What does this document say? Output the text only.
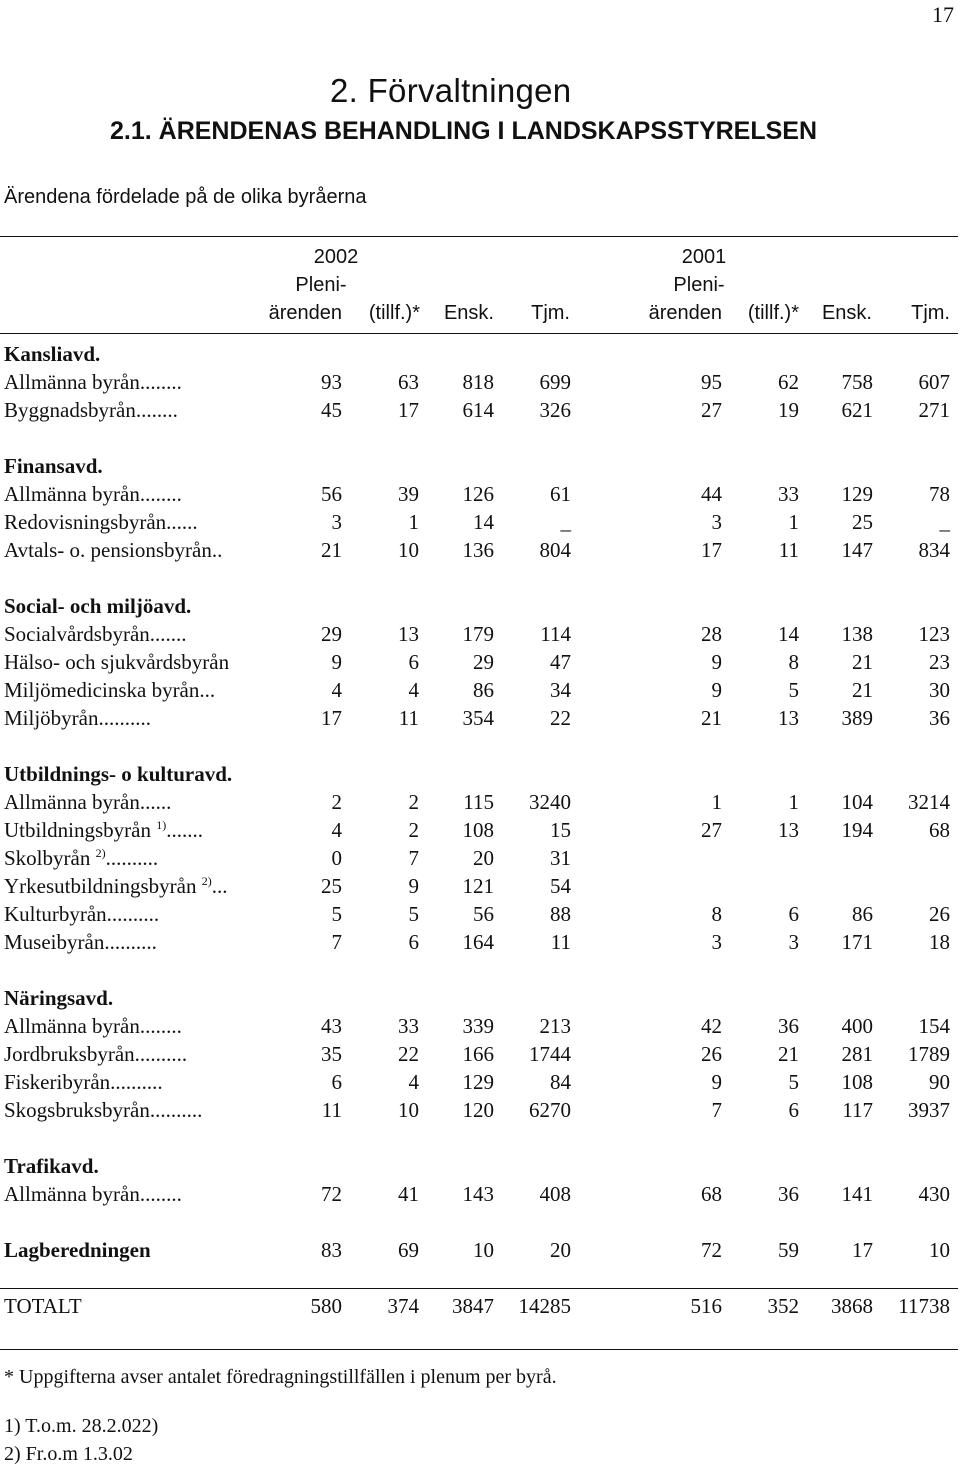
17
2. Förvaltningen
2.1. ÄRENDENAS BEHANDLING I LANDSKAPSSTYRELSEN
Ärendena fördelade på de olika byråerna
2002
Pleni-
ärenden	(tillf.)*	Ensk.	Tjm.
2001
Pleni-
ärenden	(tillf.)*	Ensk.	Tjm.
Kansliavd.
Allmänna byrån........	93	63	818	699	95	62	758	607
Byggnadsbyrån........	45	17	614	326	27	19	621	271
Finansavd.
Allmänna byrån........	56	39	126	61	44	33	129	78
Redovisningsbyrån......	3	1	14	_	3	1	25	_
Avtals- o. pensionsbyrån..	21	10	136	804	17	11	147	834
Social- och miljöavd.
Socialvårdsbyrån.......	29	13	179	114	28	14	138	123
Hälso- och sjukvårdsbyrån	9	6	29	47	9	8	21	23
Miljömedicinska byrån...	4	4	86	34	9	5	21	30
Miljöbyrån..........	17	11	354	22	21	13	389	36
Utbildnings- o kulturavd.
Allmänna byrån......	2	2	115	3240	1	1	104	3214
Utbildningsbyrån $^{1)}$.......	4	2	108	15	27	13	194	68
Skolbyrån $^{2)}$..........	0	7	20	31
Yrkesutbildningsbyrån $^{2)}$...	25	9	121	54
Kulturbyrån..........	5	5	56	88	8	6	86	26
Museibyrån..........	7	6	164	11	3	3	171	18
Näringsavd.
Allmänna byrån........	43	33	339	213	42	36	400	154
Jordbruksbyrån..........	35	22	166	1744	26	21	281	1789
Fiskeribyrån..........	6	4	129	84	9	5	108	90
Skogsbruksbyrån..........	11	10	120	6270	7	6	117	3937
Trafikavd.
Allmänna byrån........	72	41	143	408	68	36	141	430
Lagberedningen	83	69	10	20	72	59	17	10
TOTALT	580	374	3847	14285	516	352	3868	11738
* Uppgifterna avser antalet föredragningstillfällen i plenum per byrå.
1) T.o.m. 28.2.022)
2) Fr.o.m 1.3.02
